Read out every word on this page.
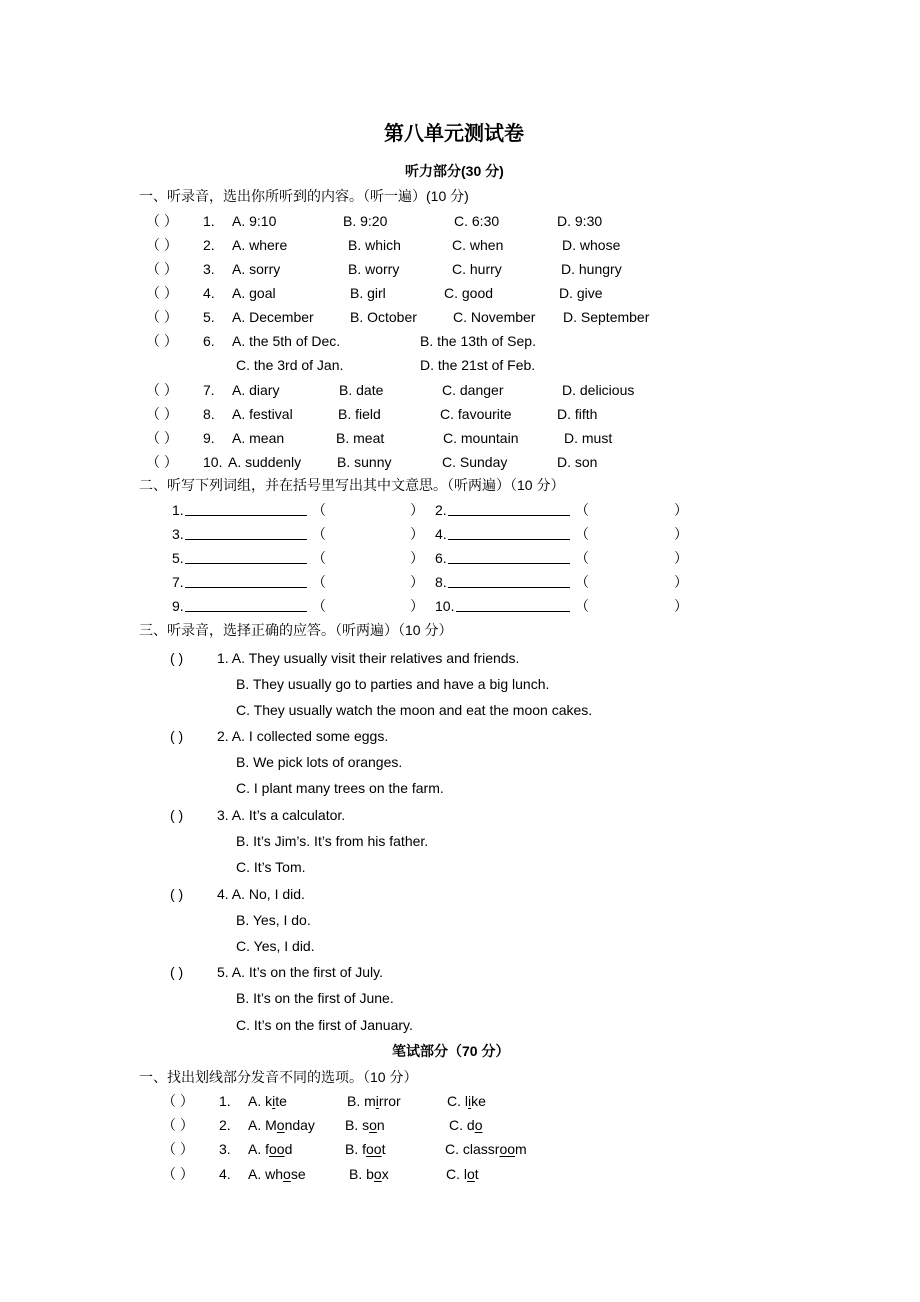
第八单元测试卷
听力部分(30 分)
一、听录音，选出你所听到的内容。（听一遍）(10 分)
（ ） 1. A. 9:10	B. 9:20	C. 6:30	D. 9:30
（ ） 2. A. where	B. which	C. when	D. whose
（ ） 3. A. sorry	B. worry	C. hurry	D. hungry
（ ） 4. A. goal	B. girl	C. good	D. give
（ ） 5. A. December	B. October	C. November D. September
（ ） 6. A. the 5th of Dec.	B. the 13th of Sep.
C. the 3rd of Jan.	D. the 21st of Feb.
（ ） 7. A. diary	B. date	C. danger	D. delicious
（ ） 8. A. festival	B. field	C. favourite	D. fifth
（ ） 9. A. mean	B. meat	C. mountain	D. must
（ ） 10. A. suddenly	B. sunny	C. Sunday	D. son
二、听写下列词组，并在括号里写出其中文意思。（听两遍）（10 分）
1.	（	） 2.	（	）
3.	（	） 4.	（	）
5.	（	） 6.	（	）
7.	（	） 8.	（	）
9.	（	） 10.	（	）
三、听录音，选择正确的应答。（听两遍）（10 分）
( ) 1. A. They usually visit their relatives and friends.
B. They usually go to parties and have a big lunch.
C. They usually watch the moon and eat the moon cakes.
( ) 2. A. I collected some eggs.
B. We pick lots of oranges.
C. I plant many trees on the farm.
( ) 3. A. It’s a calculator.
B. It’s Jim’s. It’s from his father.
C. It’s Tom.
( ) 4. A. No, I did.
B. Yes, I do.
C. Yes, I did.
( ) 5. A. It’s on the first of July.
B. It’s on the first of June.
C. It’s on the first of January.
笔试部分（70 分）
一、找出划线部分发音不同的选项。（10 分）
（ ） 1. A. kite	B. mirror	C. like
（ ） 2. A. Monday B. son	C. do
（ ） 3. A. food	B. foot	C. classroom
（ ） 4. A. whose	B. box	C. lot
